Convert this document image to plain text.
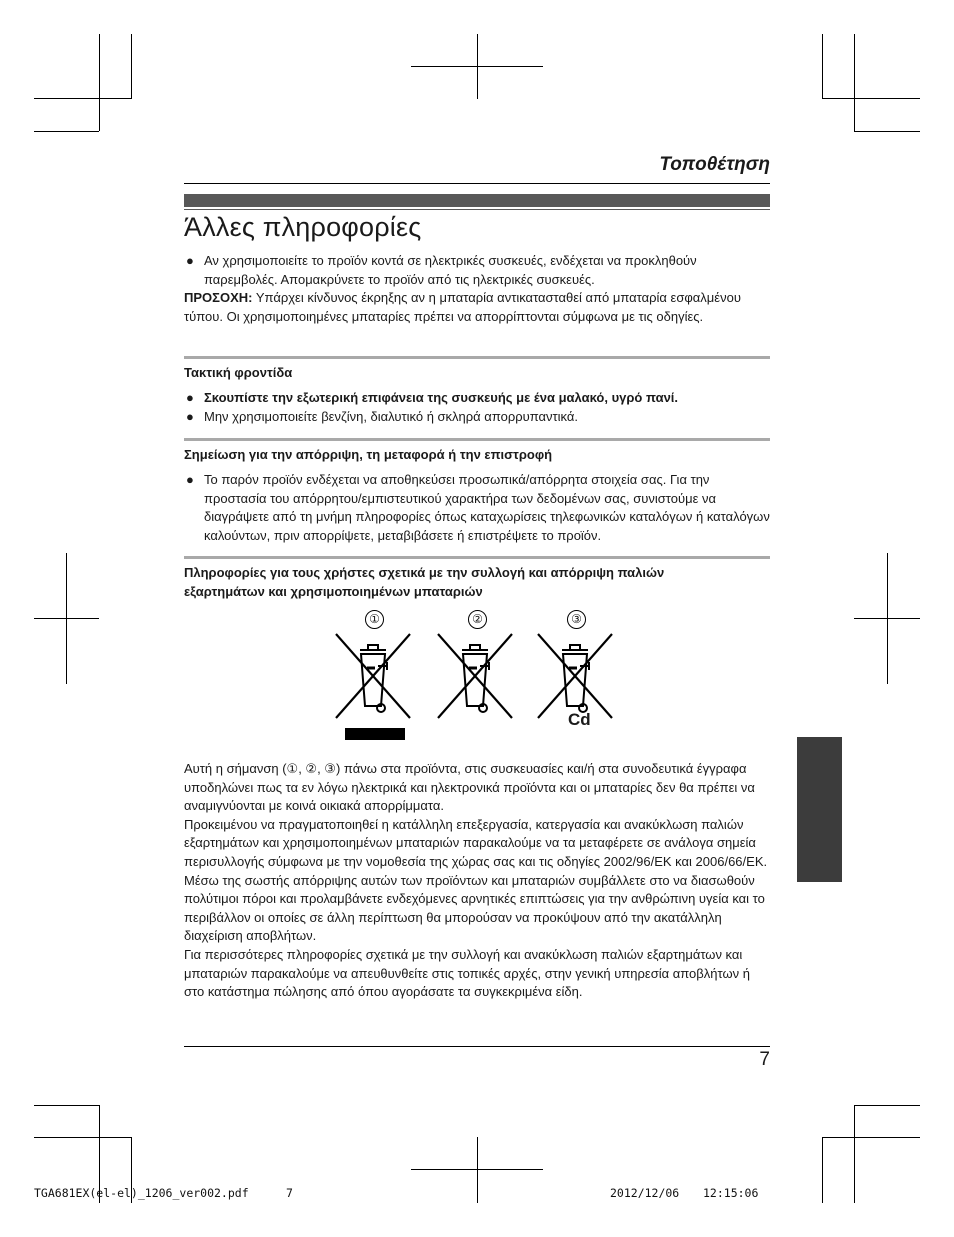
Τοποθέτηση
Άλλες πληροφορίες
● Αν χρησιμοποιείτε το προϊόν κοντά σε ηλεκτρικές συσκευές, ενδέχεται να προκληθούν παρεμβολές. Απομακρύνετε το προϊόν από τις ηλεκτρικές συσκευές.
ΠΡΟΣΟΧΗ: Υπάρχει κίνδυνος έκρηξης αν η μπαταρία αντικατασταθεί από μπαταρία εσφαλμένου τύπου. Οι χρησιμοποιημένες μπαταρίες πρέπει να απορρίπτονται σύμφωνα με τις οδηγίες.
Τακτική φροντίδα
● Σκουπίστε την εξωτερική επιφάνεια της συσκευής με ένα μαλακό, υγρό πανί.
● Μην χρησιμοποιείτε βενζίνη, διαλυτικό ή σκληρά απορρυπαντικά.
Σημείωση για την απόρριψη, τη μεταφορά ή την επιστροφή
● Το παρόν προϊόν ενδέχεται να αποθηκεύσει προσωπικά/απόρρητα στοιχεία σας. Για την προστασία του απόρρητου/εμπιστευτικού χαρακτήρα των δεδομένων σας, συνιστούμε να διαγράψετε από τη μνήμη πληροφορίες όπως καταχωρίσεις τηλεφωνικών καταλόγων ή καταλόγων καλούντων, πριν απορρίψετε, μεταβιβάσετε ή επιστρέψετε το προϊόν.
Πληροφορίες για τους χρήστες σχετικά με την συλλογή και απόρριψη παλιών
εξαρτημάτων και χρησιμοποιημένων μπαταριών
①	②	③
Cd
Αυτή η σήμανση (①, ②, ③) πάνω στα προϊόντα, στις συσκευασίες και/ή στα συνοδευτικά έγγραφα υποδηλώνει πως τα εν λόγω ηλεκτρικά και ηλεκτρονικά προϊόντα και οι μπαταρίες δεν θα πρέπει να αναμιγνύονται με κοινά οικιακά απορρίμματα.
Προκειμένου να πραγματοποιηθεί η κατάλληλη επεξεργασία, κατεργασία και ανακύκλωση παλιών εξαρτημάτων και χρησιμοποιημένων μπαταριών παρακαλούμε να τα μεταφέρετε σε ανάλογα σημεία περισυλλογής σύμφωνα με την νομοθεσία της χώρας σας και τις οδηγίες 2002/96/ΕΚ και 2006/66/ΕΚ.
Μέσω της σωστής απόρριψης αυτών των προϊόντων και μπαταριών συμβάλλετε στο να διασωθούν πολύτιμοι πόροι και προλαμβάνετε ενδεχόμενες αρνητικές επιπτώσεις για την ανθρώπινη υγεία και το περιβάλλον οι οποίες σε άλλη περίπτωση θα μπορούσαν να προκύψουν από την ακατάλληλη διαχείριση αποβλήτων.
Για περισσότερες πληροφορίες σχετικά με την συλλογή και ανακύκλωση παλιών εξαρτημάτων και μπαταριών παρακαλούμε να απευθυνθείτε στις τοπικές αρχές, στην γενική υπηρεσία αποβλήτων ή στο κατάστημα πώλησης από όπου αγοράσατε τα συγκεκριμένα είδη.
7
TGA681EX(el-el)_1206_ver002.pdf	7	2012/12/06 12:15:06
